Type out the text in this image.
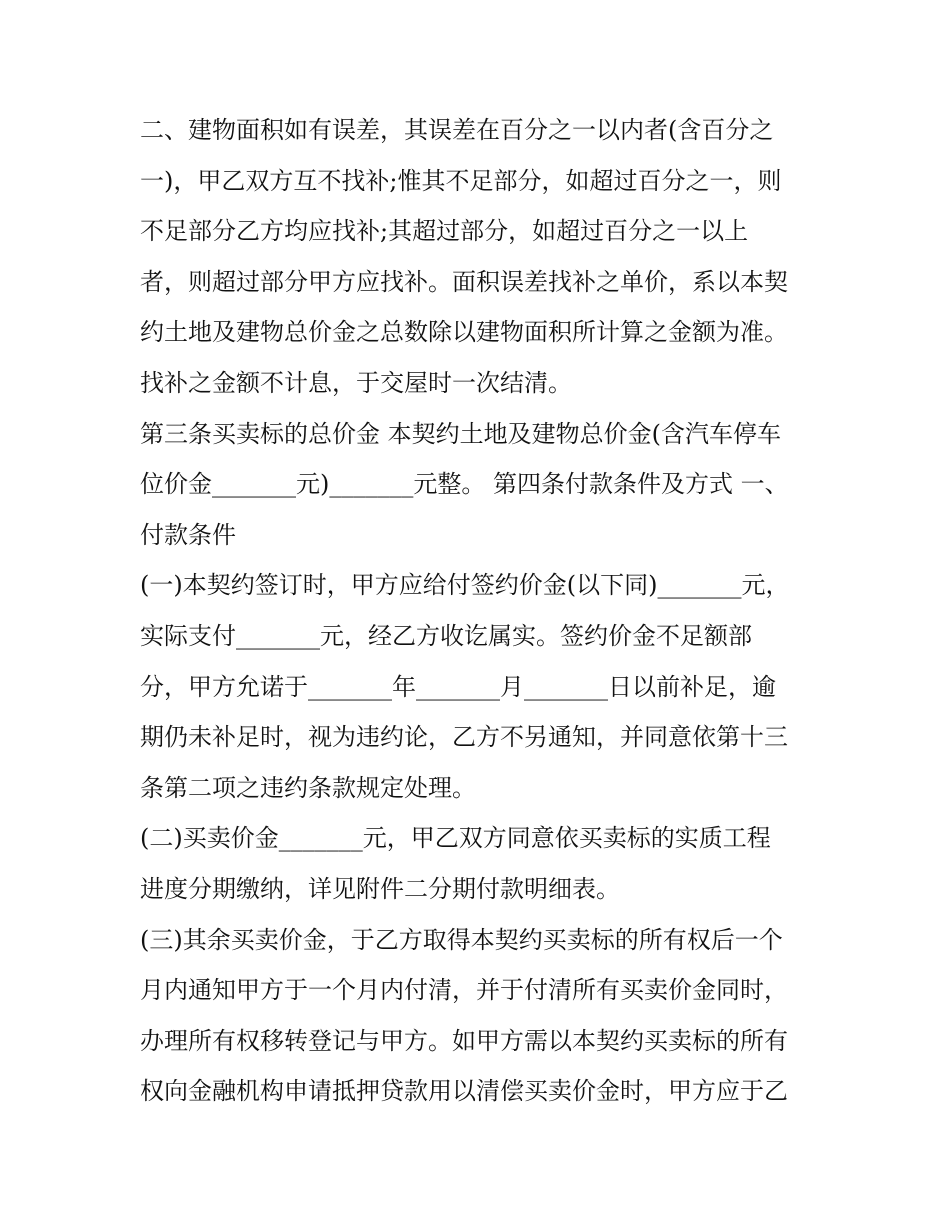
二、建物面积如有误差，其误差在百分之一以内者(含百分之
一)，甲乙双方互不找补;惟其不足部分，如超过百分之一，则
不足部分乙方均应找补;其超过部分，如超过百分之一以上
者，则超过部分甲方应找补。面积误差找补之单价，系以本契
约土地及建物总价金之总数除以建物面积所计算之金额为准。
找补之金额不计息，于交屋时一次结清。

第三条买卖标的总价金 本契约土地及建物总价金(含汽车停车
位价金_______元)_______元整。 第四条付款条件及方式 一、
付款条件

(一)本契约签订时，甲方应给付签约价金(以下同)_______元，
实际支付_______元，经乙方收讫属实。签约价金不足额部
分，甲方允诺于_______年_______月_______日以前补足，逾
期仍未补足时，视为违约论，乙方不另通知，并同意依第十三
条第二项之违约条款规定处理。

(二)买卖价金_______元，甲乙双方同意依买卖标的实质工程
进度分期缴纳，详见附件二分期付款明细表。

(三)其余买卖价金，于乙方取得本契约买卖标的所有权后一个
月内通知甲方于一个月内付清，并于付清所有买卖价金同时，
办理所有权移转登记与甲方。如甲方需以本契约买卖标的所有
权向金融机构申请抵押贷款用以清偿买卖价金时，甲方应于乙
